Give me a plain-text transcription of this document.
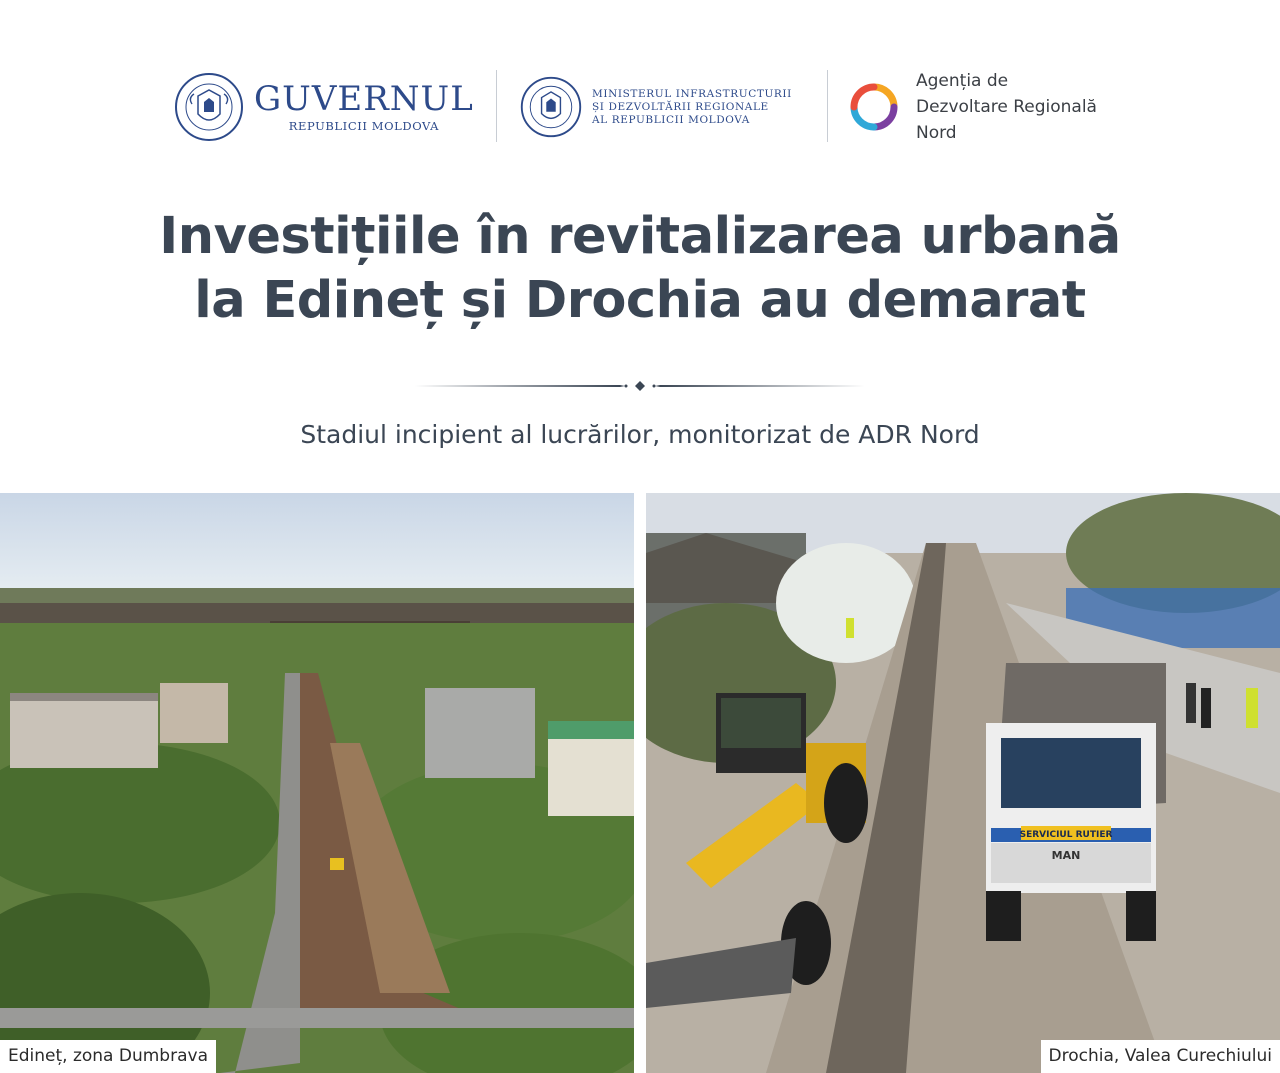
GUVERNUL
REPUBLICII MOLDOVA
MINISTERUL INFRASTRUCTURII
ȘI DEZVOLTĂRII REGIONALE
AL REPUBLICII MOLDOVA
Agenția de
Dezvoltare Regională
Nord
Investițiile în revitalizarea urbană
la Edineț și Drochia au demarat
Stadiul incipient al lucrărilor, monitorizat de ADR Nord
Edineț, zona Dumbrava
SERVICIUL RUTIER
MAN
Drochia, Valea Curechiului
